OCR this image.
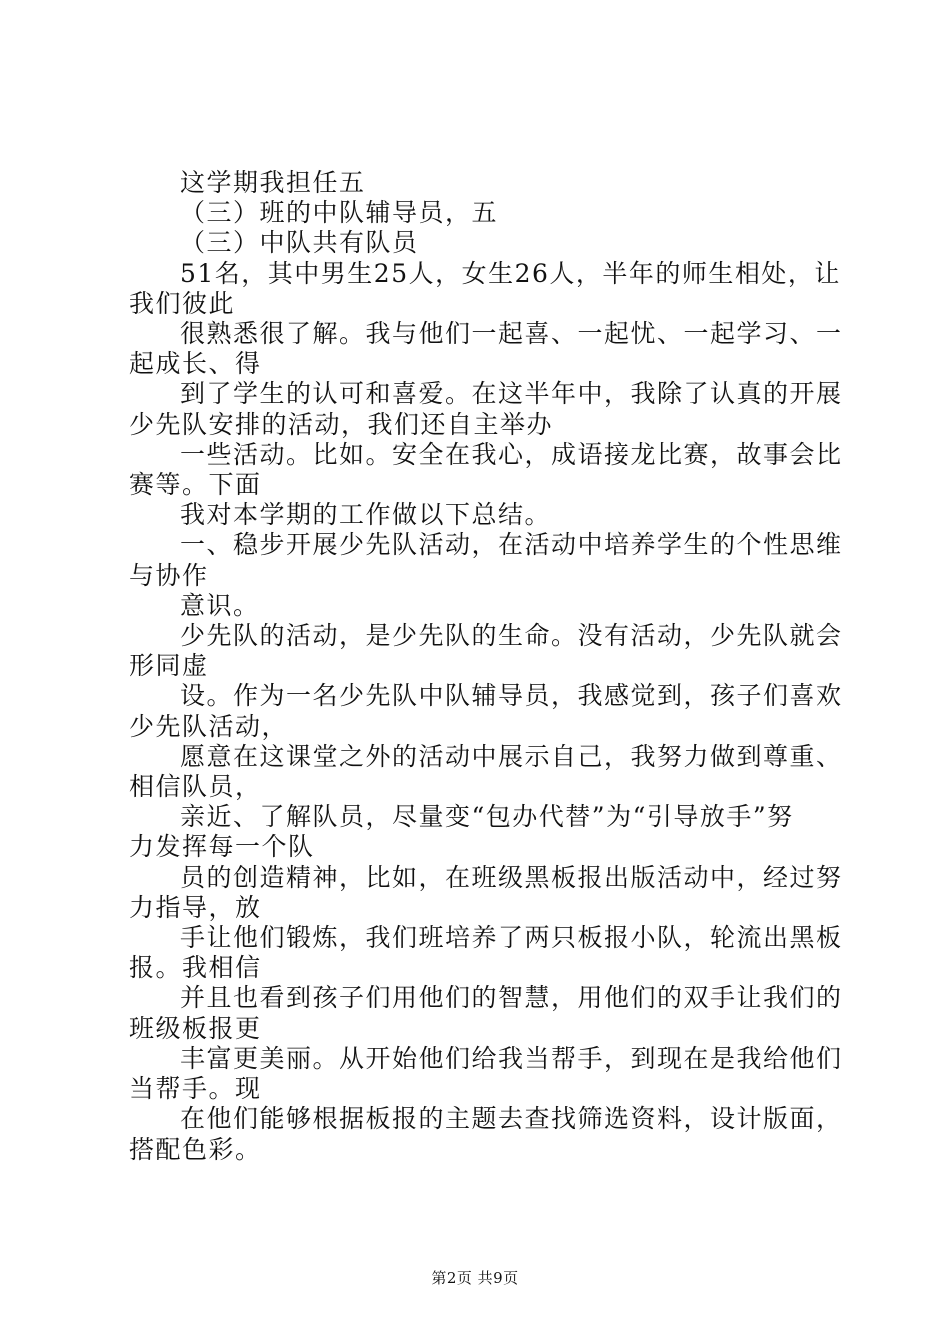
这学期我担任五

（三）班的中队辅导员，五

（三）中队共有队员

51名，其中男生25人，女生26人，半年的师生相处，让
我们彼此

很熟悉很了解。我与他们一起喜、一起忧、一起学习、一
起成长、得

到了学生的认可和喜爱。在这半年中，我除了认真的开展
少先队安排的活动，我们还自主举办

一些活动。比如。安全在我心，成语接龙比赛，故事会比
赛等。下面

我对本学期的工作做以下总结。

一、稳步开展少先队活动，在活动中培养学生的个性思维
与协作

意识。

少先队的活动，是少先队的生命。没有活动，少先队就会
形同虚

设。作为一名少先队中队辅导员，我感觉到，孩子们喜欢
少先队活动，

愿意在这课堂之外的活动中展示自己，我努力做到尊重、
相信队员，

亲近、了解队员，尽量变“包办代替”为“引导放手”努
力发挥每一个队

员的创造精神，比如，在班级黑板报出版活动中，经过努
力指导，放

手让他们锻炼，我们班培养了两只板报小队，轮流出黑板
报。我相信

并且也看到孩子们用他们的智慧，用他们的双手让我们的
班级板报更

丰富更美丽。从开始他们给我当帮手，到现在是我给他们
当帮手。现

在他们能够根据板报的主题去查找筛选资料，设计版面，
搭配色彩。

第2页 共9页
